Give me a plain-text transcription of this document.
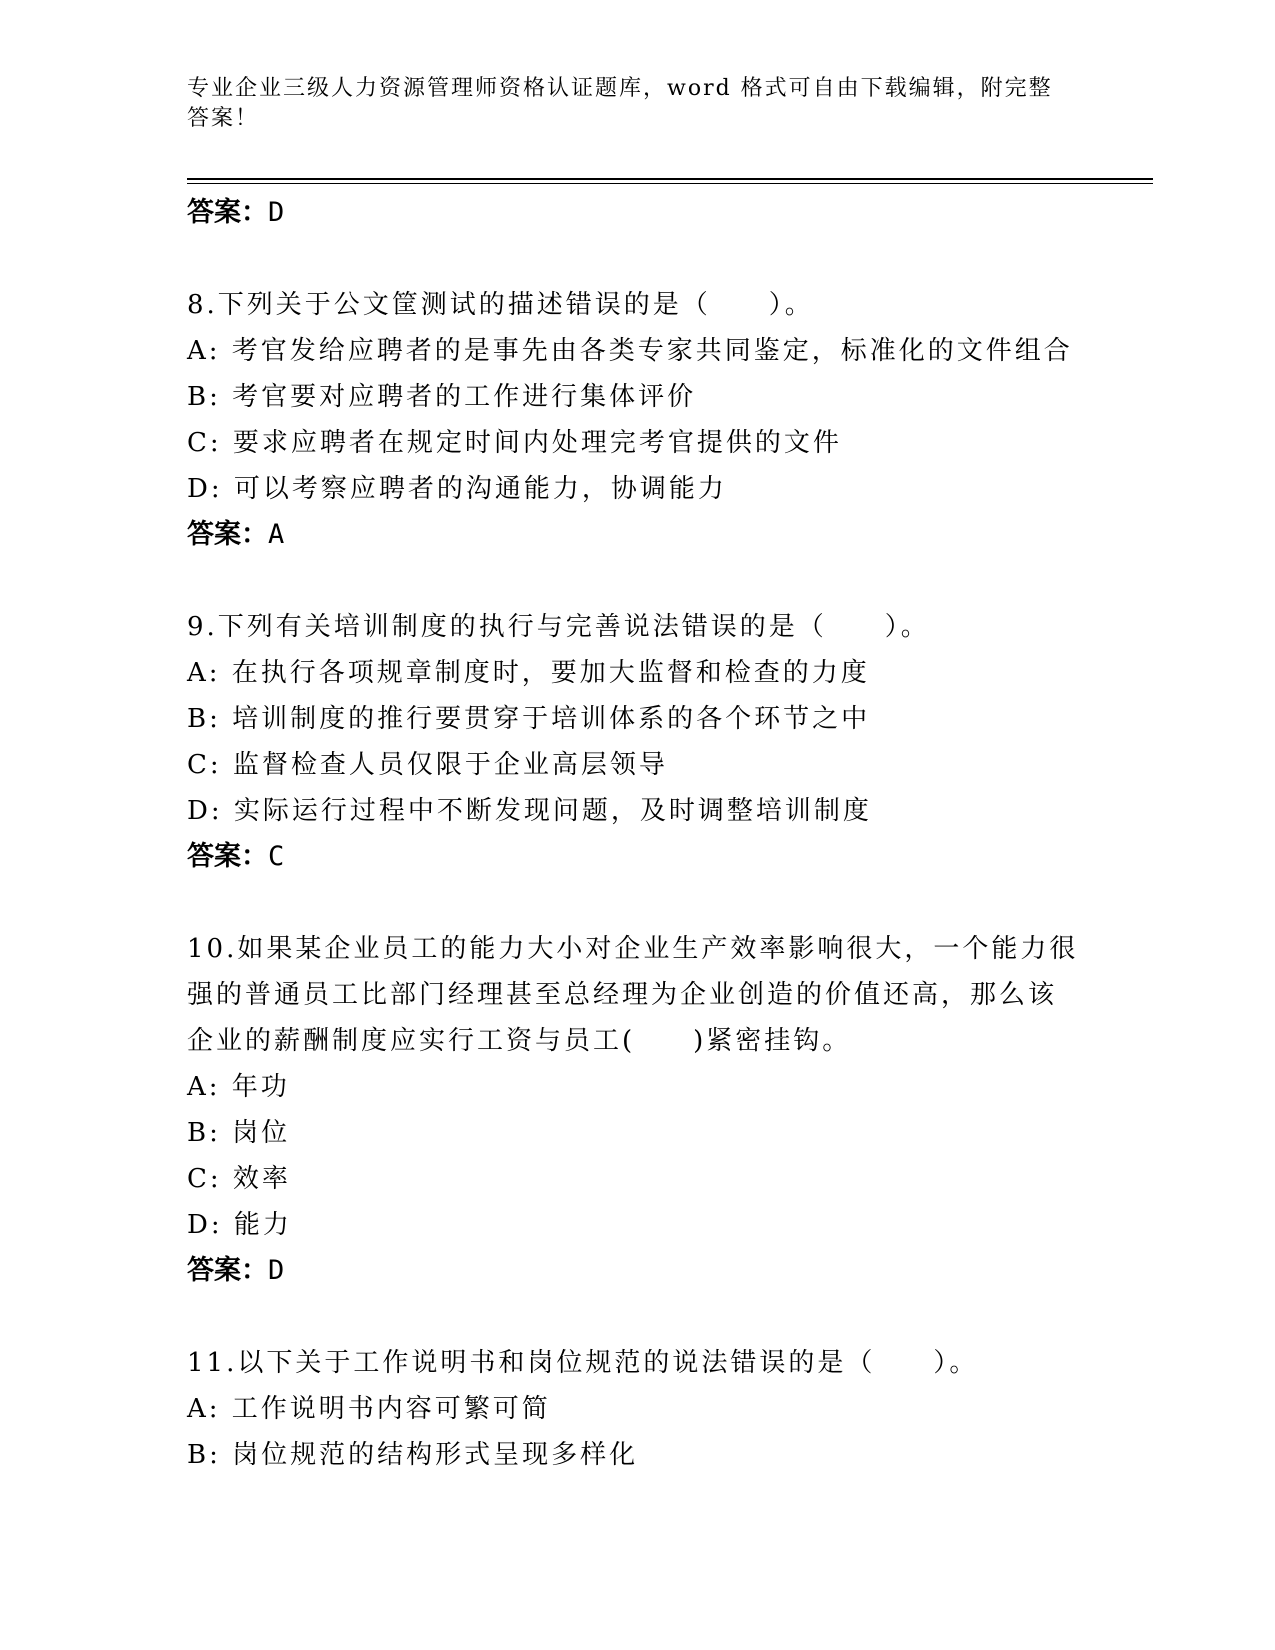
专业企业三级人力资源管理师资格认证题库，word 格式可自由下载编辑，附完整
答案！
答案：D
8.下列关于公文筐测试的描述错误的是（　　）。
A: 考官发给应聘者的是事先由各类专家共同鉴定，标准化的文件组合
B: 考官要对应聘者的工作进行集体评价
C: 要求应聘者在规定时间内处理完考官提供的文件
D: 可以考察应聘者的沟通能力，协调能力
答案：A
9.下列有关培训制度的执行与完善说法错误的是（　　）。
A: 在执行各项规章制度时，要加大监督和检查的力度
B: 培训制度的推行要贯穿于培训体系的各个环节之中
C: 监督检查人员仅限于企业高层领导
D: 实际运行过程中不断发现问题，及时调整培训制度
答案：C
10.如果某企业员工的能力大小对企业生产效率影响很大，一个能力很
强的普通员工比部门经理甚至总经理为企业创造的价值还高，那么该
企业的薪酬制度应实行工资与员工(　　)紧密挂钩。
A: 年功
B: 岗位
C: 效率
D: 能力
答案：D
11.以下关于工作说明书和岗位规范的说法错误的是（　　）。
A: 工作说明书内容可繁可简
B: 岗位规范的结构形式呈现多样化
